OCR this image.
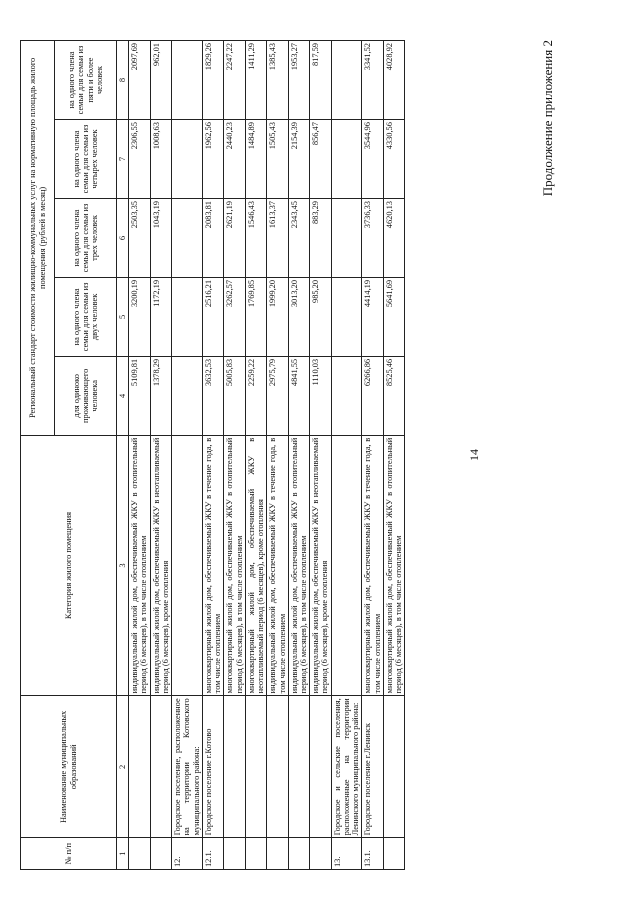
14
Продолжение приложения 2
№ п/п	Наименование муниципальных образований	Категория жилого помещения	Региональный стандарт стоимости жилищно-коммунальных услуг на нормативную площадь жилого помещения (рублей в месяц)				
			для одиноко проживающего человека	на одного члена семьи для семьи из двух человек	на одного члена семьи для семьи из трех человек	на одного члена семьи для семьи из четырех человек	на одного члена семьи для семьи из пяти и более человек
1	2	3	4	5	6	7	8
		индивидуальный жилой дом, обеспечиваемый ЖКУ в отопительный период (6 месяцев), в том числе отоплением	5109,81	3200,19	2503,35	2306,55	2097,69
		индивидуальный жилой дом, обеспечиваемый ЖКУ в неотапливаемый период (6 месяцев), кроме отопления	1378,29	1172,19	1043,19	1008,63	962,01
12.	Городское поселение, расположенное на территории Котовского муниципального района:						
12.1.	Городское поселение г.Котово	многоквартирный жилой дом, обеспечиваемый ЖКУ в течение года, в том числе отоплением	3632,53	2516,21	2083,81	1962,56	1829,26
		многоквартирный жилой дом, обеспечиваемый ЖКУ в отопительный период (6 месяцев), в том числе отоплением	5005,83	3262,57	2621,19	2440,23	2247,22
		многоквартирный жилой дом, обеспечиваемый ЖКУ в неотапливаемый период (6 месяцев), кроме отопления	2259,22	1769,85	1546,43	1484,89	1411,29
		индивидуальный жилой дом, обеспечиваемый ЖКУ в течение года, в том числе отоплением	2975,79	1999,20	1613,37	1505,43	1385,43
		индивидуальный жилой дом, обеспечиваемый ЖКУ в отопительный период (6 месяцев), в том числе отоплением	4841,55	3013,20	2343,45	2154,39	1953,27
		индивидуальный жилой дом, обеспечиваемый ЖКУ в неотапливаемый период (6 месяцев), кроме отопления	1110,03	985,20	883,29	856,47	817,59
13.	Городское и сельские поселения, расположенные на территории Ленинского муниципального района:						
13.1.	Городское поселение г.Ленинск	многоквартирный жилой дом, обеспечиваемый ЖКУ в течение года, в том числе отоплением	6266,86	4414,19	3736,33	3544,96	3341,52
		многоквартирный жилой дом, обеспечиваемый ЖКУ в отопительный период (6 месяцев), в том числе отоплением	8525,46	5641,69	4620,13	4330,56	4028,92
